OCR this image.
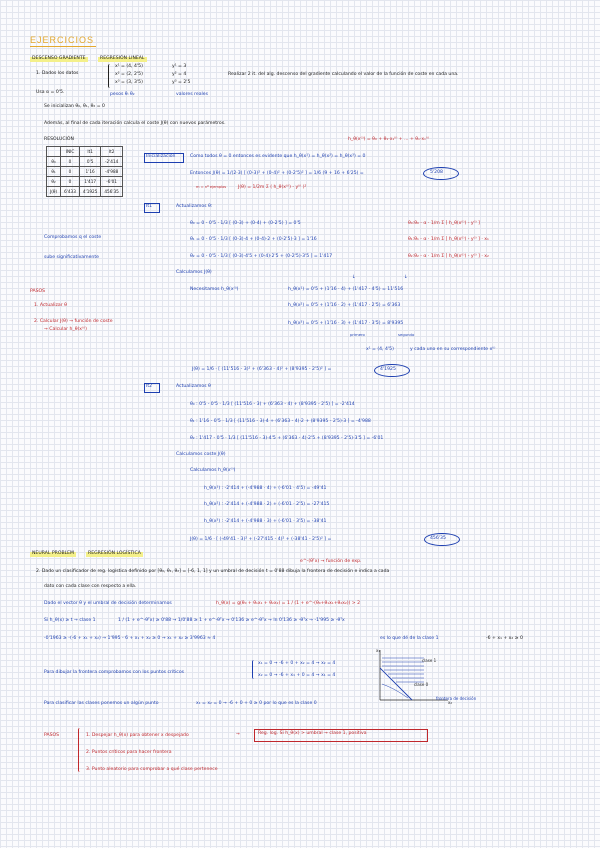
EJERCICIOS
DESCENSO GRADIENTE	REGRESIÓN LINEAL
1. Dados los datos
x¹ = (4, 4'5)
x² = (2, 2'5)
x³ = (3, 3'5)
y¹ = 3
y² = 4
y³ = 2'5
Realizar 2 it. del alg. descenso del gradiente calculando el valor de la función de coste en cada una.
Usa α = 0'5.	pesos θᵢ θ₂	valores reales
Se inicializan θ₀, θ₁, θ₂ = 0
Además, al final de cada iteración calcula el coste J(θ) con nuevos parámetros.
h_θ(x⁽ⁱ⁾) = θ₀ + θ₁·x₁⁽ⁱ⁾ + ... + θₙ·xₙ⁽ⁱ⁾
RESOLUCIÓN
	INIC	It1	It2
θ₀	0	0'5	-2'414
θ₁	0	1'16	-4'988
θ₂	0	1'417	-6'01
J(θ)	6'433	4'1925	456'35
Comprobamos q el coste
sube significativamente
PASOS
1. Actualizar θ
2. Calcular J(θ) → función de coste
→ Calcular h_θ(x⁽ⁱ⁾)
Inicialización	Como todos θ = 0 entonces es evidente que h_θ(x¹) = h_θ(x²) = h_θ(x³) = 0
Entonces J(θ) = 1/(2·3) [ (0-3)² + (0-4)² + (0-2'5)² ] = 1/6 (9 + 16 + 6'25) =	5'208
J(θ) = 1/2m Σ ( h_θ(x⁽ⁱ⁾) - y⁽ⁱ⁾ )²
m = nº ejemplos
It1	Actualizamos θ:
θ₀ = 0 - 0'5 · 1/3 [ (0-3) + (0-4) + (0-2'5) ] = 0'5
θ₁ = 0 - 0'5 · 1/3 [ (0-3)·4 + (0-4)·2 + (0-2'5)·3 ] = 1'16
θ₂ = 0 - 0'5 · 1/3 [ (0-3)·4'5 + (0-4)·2'5 + (0-2'5)·3'5 ] = 1'417
θ₀:θ₀ - α · 1/m Σ [ h_θ(x⁽ⁱ⁾) - y⁽ⁱ⁾ ]
θ₁:θ₁ - α · 1/m Σ [ h_θ(x⁽ⁱ⁾) - y⁽ⁱ⁾ ] · x₁
θ₂:θ₂ - α · 1/m Σ [ h_θ(x⁽ⁱ⁾) - y⁽ⁱ⁾ ] · x₂
Calculamos J(θ)
Necesitamos h_θ(x⁽ⁱ⁾)	h_θ(x¹) = 0'5 + (1'16 · 4) + (1'417 · 4'5) = 11'516
h_θ(x²) = 0'5 + (1'16 · 2) + (1'417 · 2'5) = 6'363
h_θ(x³) = 0'5 + (1'16 · 3) + (1'417 · 3'5) = 8'9395
↓	↓
primero	segundo
x¹ = (4, 4'5)	y cada uno en su correspondiente x⁽ⁱ⁾
J(θ) = 1/6 · [ (11'516 - 3)² + (6'363 - 4)² + (8'9395 - 2'5)² ] =	4'1925
It2	Actualizamos θ
θ₀ : 0'5 - 0'5 · 1/3 [ (11'516 - 3) + (6'363 - 4) + (8'9395 - 2'5) ] = -2'414
θ₁ : 1'16 - 0'5 · 1/3 [ (11'516 - 3)·4 + (6'363 - 4)·2 + (8'9395 - 2'5)·3 ] = -4'988
θ₂ : 1'417 - 0'5 · 1/3 [ (11'516 - 3)·4'5 + (6'363 - 4)·2'5 + (8'9395 - 2'5)·3'5 ] = -6'01
Calculamos coste J(θ)
Calculamos h_θ(x⁽ⁱ⁾)
h_θ(x¹) : -2'414 + (-4'988 · 4) + (-6'01 · 4'5) = -49'41
h_θ(x²) : -2'414 + (-4'988 · 2) + (-6'01 · 2'5) = -27'415
h_θ(x³) : -2'414 + (-4'988 · 3) + (-6'01 · 3'5) = -38'41
J(θ) = 1/6 · [ (-49'41 - 3)² + (-27'415 - 4)² + (-38'41 - 2'5)² ] =	456'35
NEURAL PROBLEM	REGRESIÓN LOGÍSTICA
e^-(θᵀx) → función de exp.
2. Dado un clasificador de reg. logística definido por [θ₀, θ₁, θ₂] = [-6, 1, 1] y un umbral de decisión t = 0'88 dibuja la frontera de decisión e indica a cada
dato con cada clase con respecto a ella.
Dado el vector θ y el umbral de decisión determinamos	h_θ(x) = g(θ₀ + θ₁x₁ + θ₂x₂) = 1 / (1 + e^-(θ₀+θ₁x₁+θ₂x₂)) > 2
Si h_θ(x) ≥ t → clase 1	1 / (1 + e^-θᵀx) ≥ 0'88 → 1/0'88 ≥ 1 + e^-θᵀx → 0'136 ≥ e^-θᵀx → ln 0'136 ≥ -θᵀx → -1'995 ≥ -θᵀx
-0'1963 ≥ -(-6 + x₁ + x₂) → 1'995 - 6 + x₁ + x₂ ≥ 0 → x₁ + x₂ ≥ 3'9963 ≈ 4	es lo que dé de la clase 1	-6 + x₁ + x₂ ≥ 0
Para dibujar la frontera comprobamos con los puntos críticos
x₁ = 0 → -6 + 0 + x₂ = 4 → x₂ = 4
x₂ = 0 → -6 + x₁ + 0 = 4 → x₁ = 4
Para clasificar las clases ponemos un algún punto	x₁ = x₂ = 0 → -6 + 0 + 0 ≥ 0 por lo que es la clase 0
x₁
x₂
clase 1
clase 0
frontera de decisión
PASOS	1. Despejar h_θ(x) para obtener x despejado
2. Puntos críticos para hacer frontera
3. Punto aleatorio para comprobar a qué clase pertenece
→	Reg. log. Si h_θ(x) > umbral → clase 1, positiva
